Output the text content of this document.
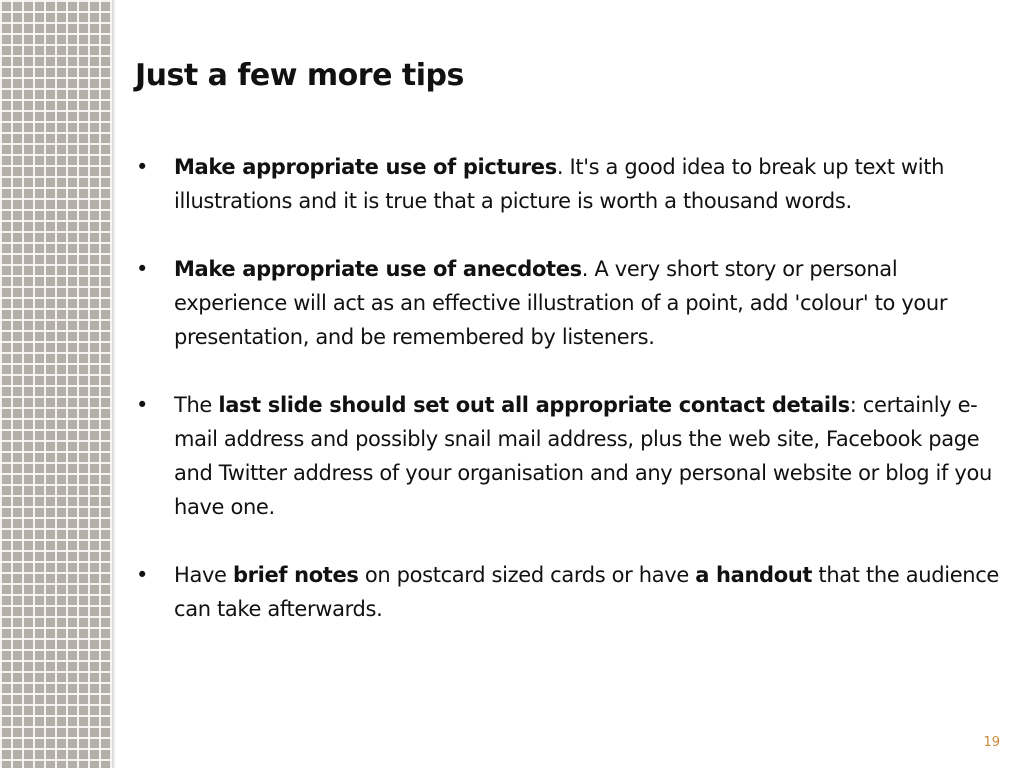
Just a few more tips
• Make appropriate use of pictures. It's a good idea to break up text with illustrations and it is true that a picture is worth a thousand words.
• Make appropriate use of anecdotes. A very short story or personal experience will act as an effective illustration of a point, add 'colour' to your presentation, and be remembered by listeners.
• The last slide should set out all appropriate contact details: certainly e-mail address and possibly snail mail address, plus the web site, Facebook page and Twitter address of your organisation and any personal website or blog if you have one.
• Have brief notes on postcard sized cards or have a handout that the audience can take afterwards.
19
